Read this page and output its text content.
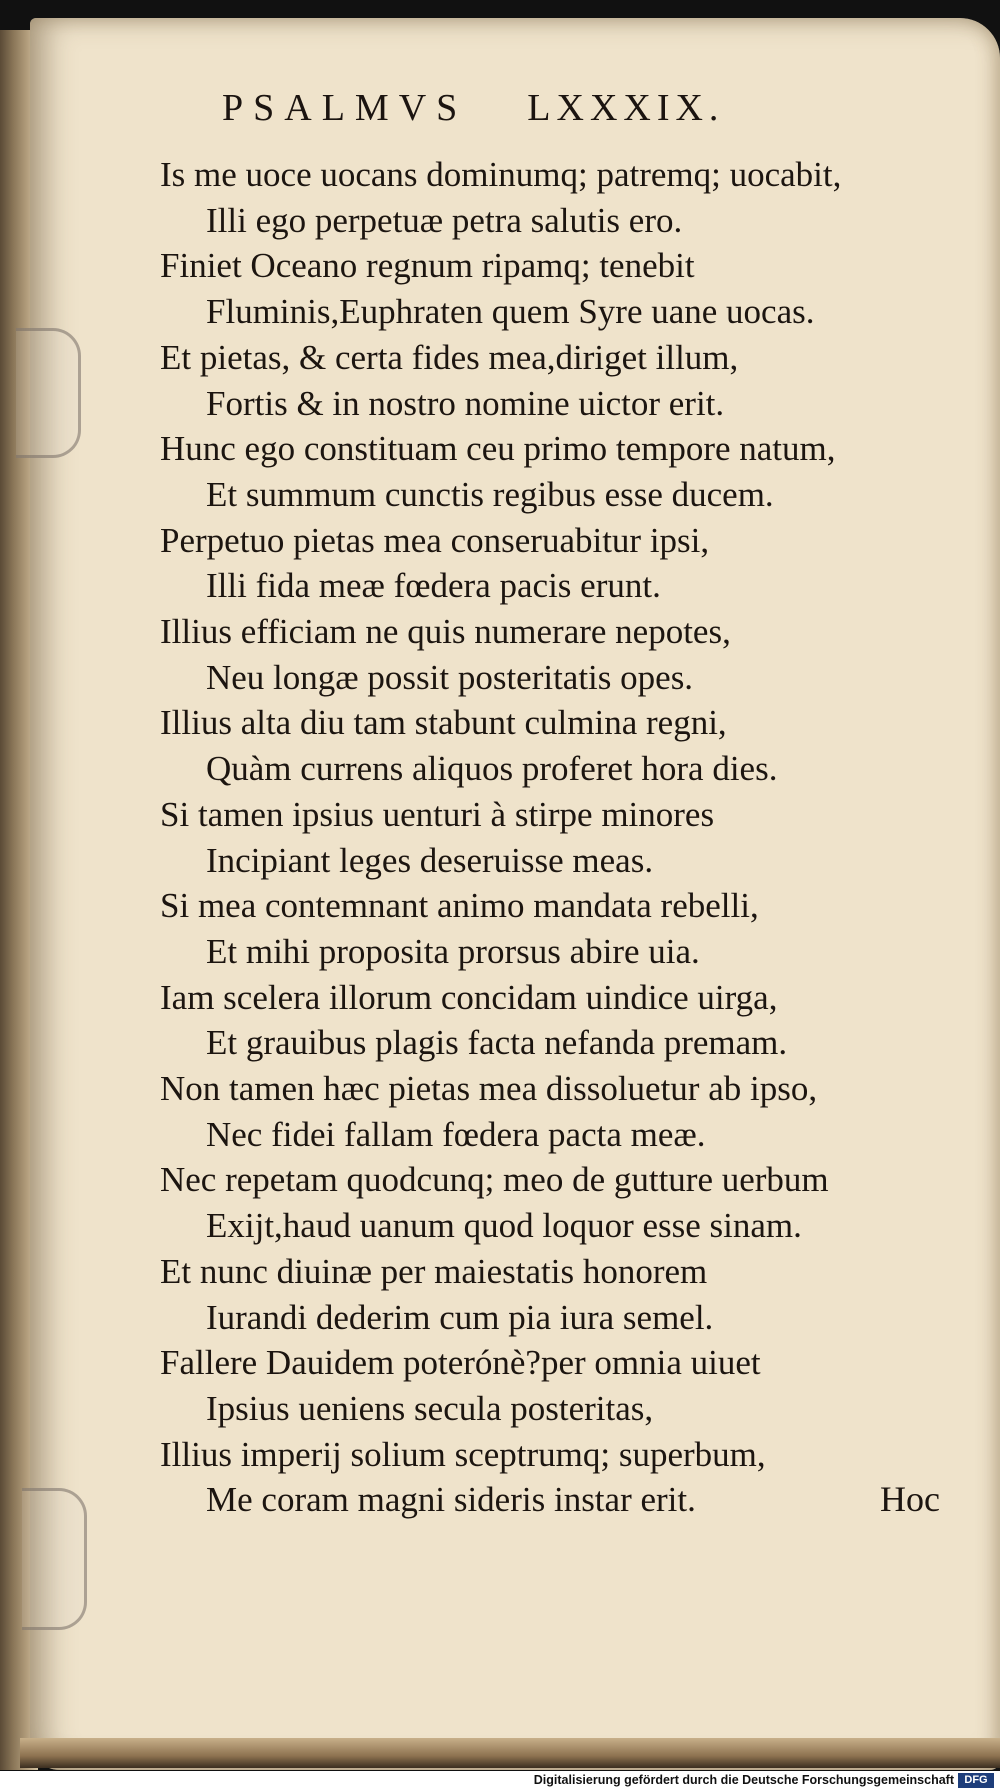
PSALMVS LXXXIX.
Is me uoce uocans dominumq; patremq; uocabit,
Illi ego perpetuæ petra salutis ero.
Finiet Oceano regnum ripamq; tenebit
Fluminis,Euphraten quem Syre uane uocas.
Et pietas, & certa fides mea,diriget illum,
Fortis & in nostro nomine uictor erit.
Hunc ego constituam ceu primo tempore natum,
Et summum cunctis regibus esse ducem.
Perpetuo pietas mea conseruabitur ipsi,
Illi fida meæ fœdera pacis erunt.
Illius efficiam ne quis numerare nepotes,
Neu longæ possit posteritatis opes.
Illius alta diu tam stabunt culmina regni,
Quàm currens aliquos proferet hora dies.
Si tamen ipsius uenturi à stirpe minores
Incipiant leges deseruisse meas.
Si mea contemnant animo mandata rebelli,
Et mihi proposita prorsus abire uia.
Iam scelera illorum concidam uindice uirga,
Et grauibus plagis facta nefanda premam.
Non tamen hæc pietas mea dissoluetur ab ipso,
Nec fidei fallam fœdera pacta meæ.
Nec repetam quodcunq; meo de gutture uerbum
Exijt,haud uanum quod loquor esse sinam.
Et nunc diuinæ per maiestatis honorem
Iurandi dederim cum pia iura semel.
Fallere Dauidem poterónè?per omnia uiuet
Ipsius ueniens secula posteritas,
Illius imperij solium sceptrumq; superbum,
Me coram magni sideris instar erit.	Hoc
Digitalisierung gefördert durch die Deutsche Forschungsgemeinschaft DFG
